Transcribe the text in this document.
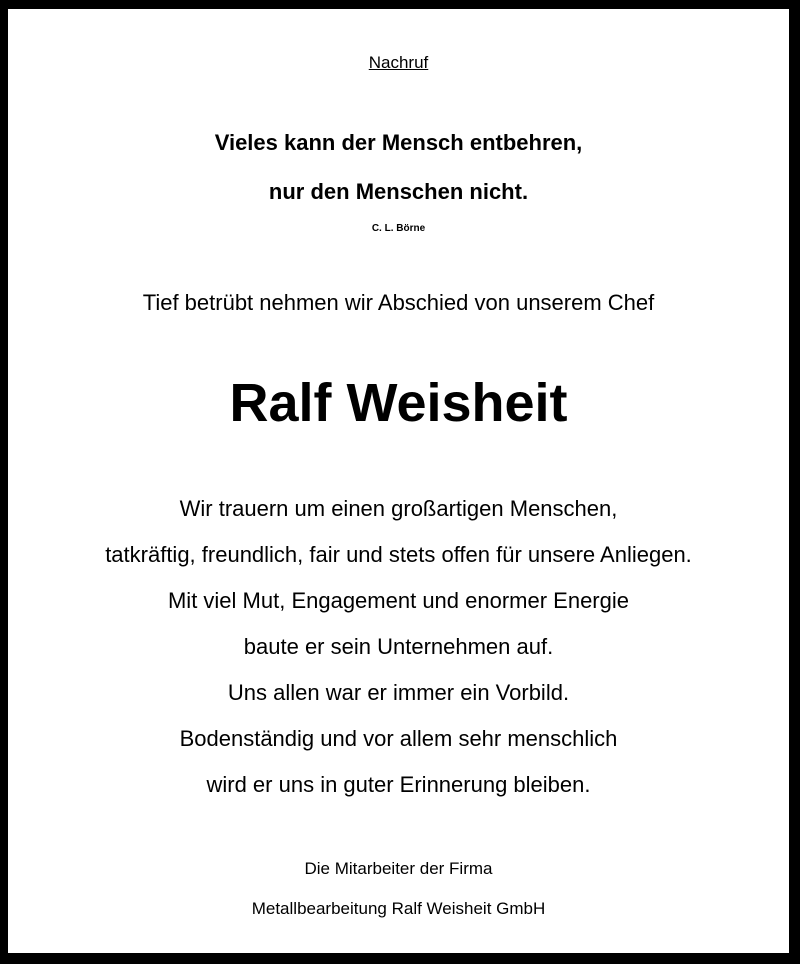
Nachruf
Vieles kann der Mensch entbehren,
nur den Menschen nicht.
C. L. Börne
Tief betrübt nehmen wir Abschied von unserem Chef
Ralf Weisheit
Wir trauern um einen großartigen Menschen,
tatkräftig, freundlich, fair und stets offen für unsere Anliegen.
Mit viel Mut, Engagement und enormer Energie
baute er sein Unternehmen auf.
Uns allen war er immer ein Vorbild.
Bodenständig und vor allem sehr menschlich
wird er uns in guter Erinnerung bleiben.
Die Mitarbeiter der Firma
Metallbearbeitung Ralf Weisheit GmbH
